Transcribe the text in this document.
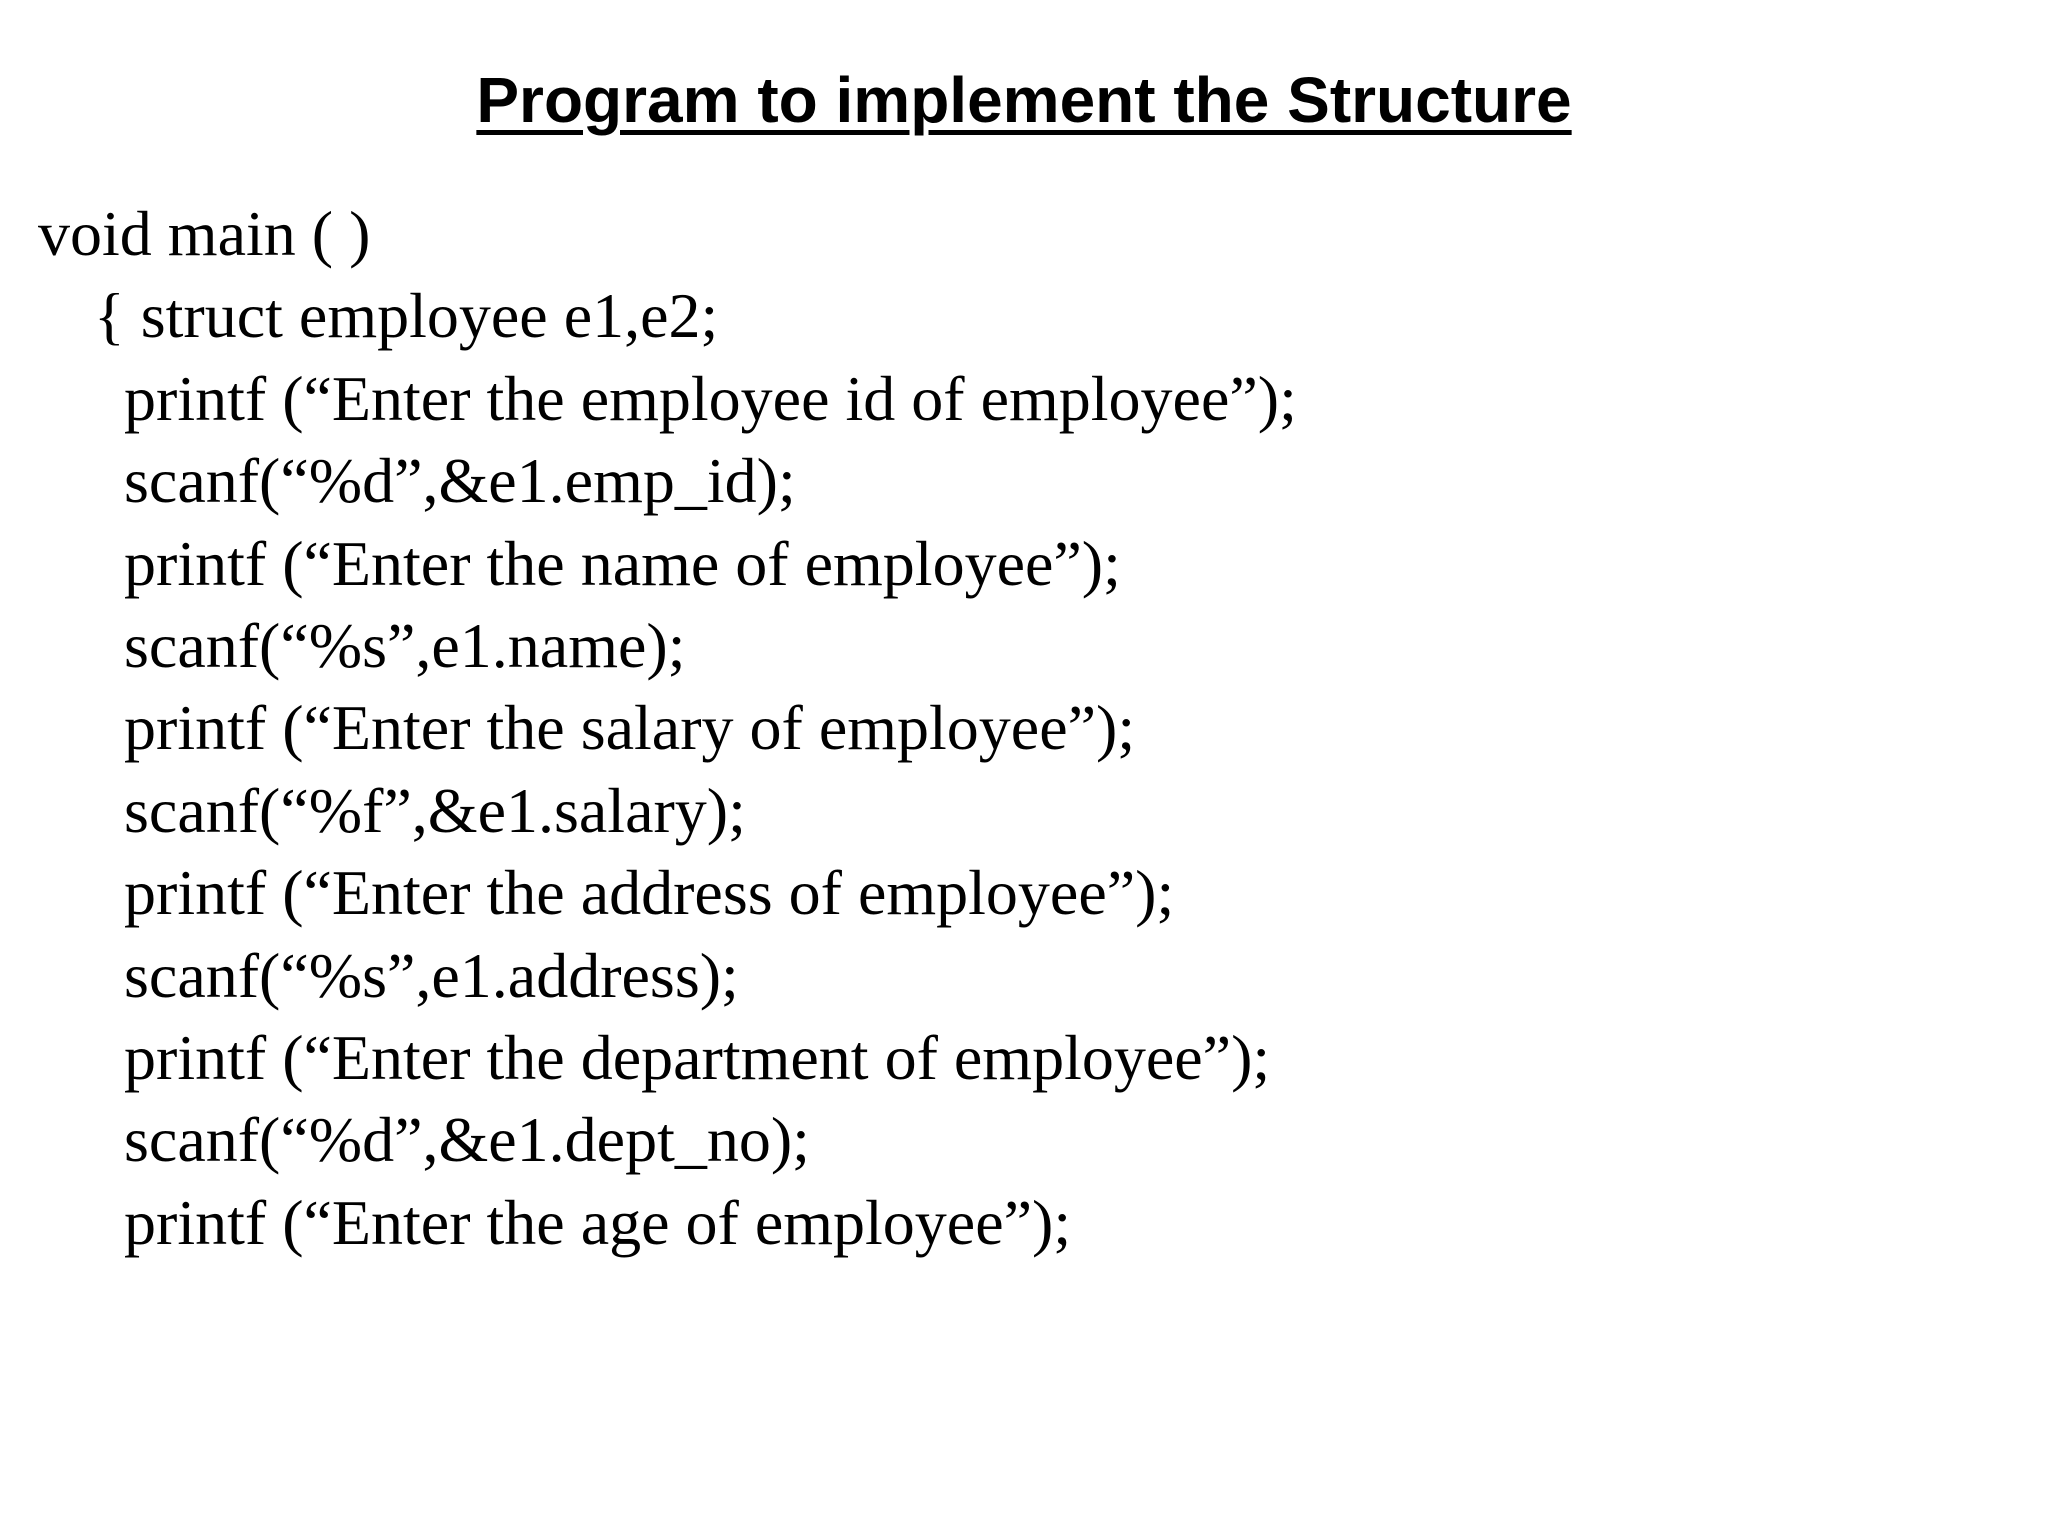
Program to implement the Structure
void main ( )
{ struct employee e1,e2;
printf (“Enter the employee id of employee”);
scanf(“%d”,&e1.emp_id);
printf (“Enter the name of employee”);
scanf(“%s”,e1.name);
printf (“Enter the salary of employee”);
scanf(“%f”,&e1.salary);
printf (“Enter the address of employee”);
scanf(“%s”,e1.address);
printf (“Enter the department of employee”);
scanf(“%d”,&e1.dept_no);
printf (“Enter the age of employee”);
